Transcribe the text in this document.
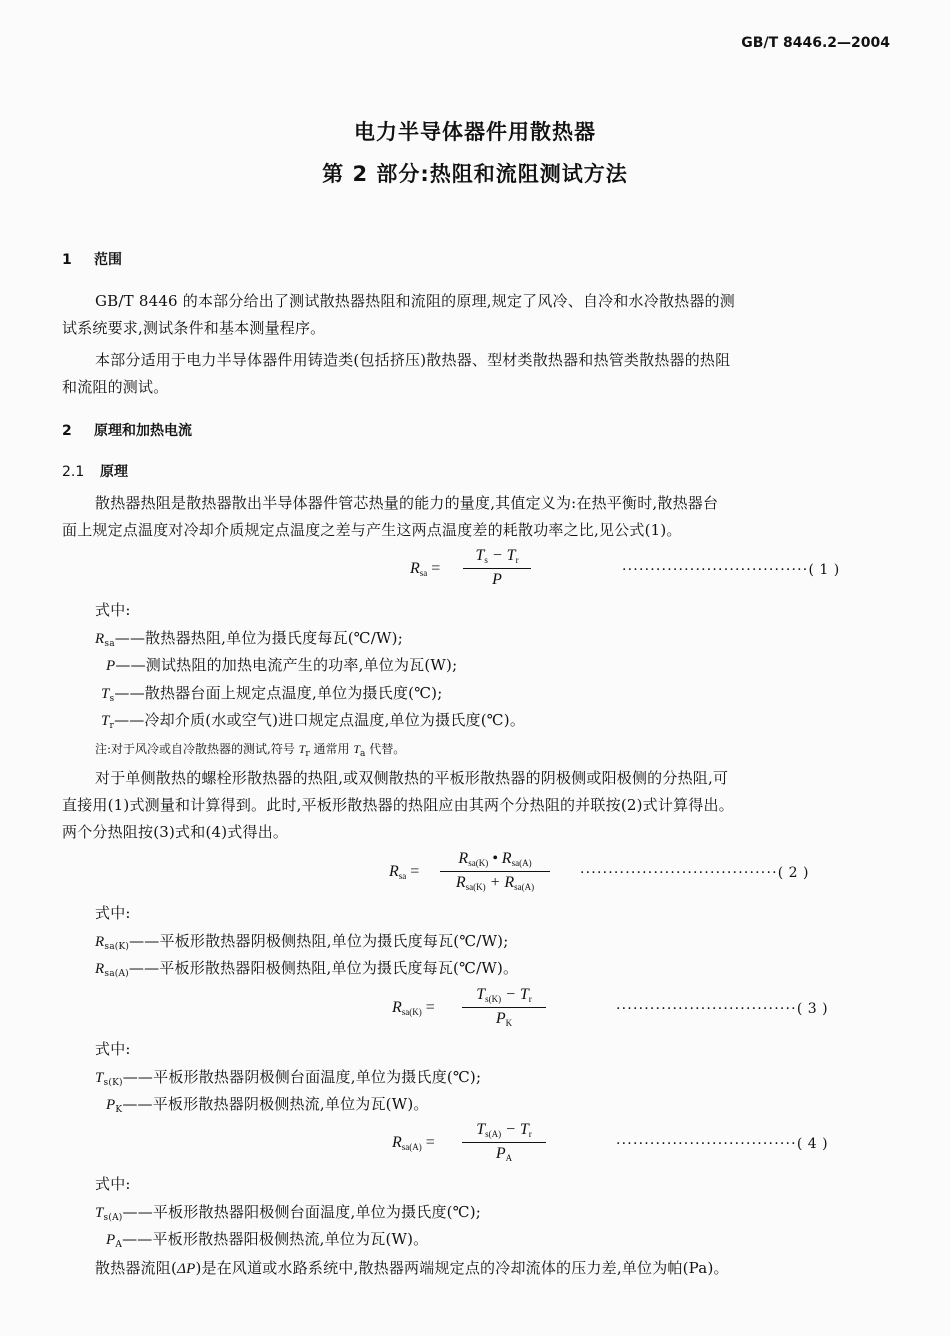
GB/T 8446.2—2004
电力半导体器件用散热器
第 2 部分:热阻和流阻测试方法
1 范围
GB/T 8446 的本部分给出了测试散热器热阻和流阻的原理,规定了风冷、自冷和水冷散热器的测
试系统要求,测试条件和基本测量程序。
本部分适用于电力半导体器件用铸造类(包括挤压)散热器、型材类散热器和热管类散热器的热阻
和流阻的测试。
2 原理和加热电流
2.1 原理
散热器热阻是散热器散出半导体器件管芯热量的能力的量度,其值定义为:在热平衡时,散热器台
面上规定点温度对冷却介质规定点温度之差与产生这两点温度差的耗散功率之比,见公式(1)。
$R_{sa}$ =
$T_s - T_r$
P
·································( 1 )
式中:
$R_{sa}——$散热器热阻,单位为摄氏度每瓦(℃/W);
P——测试热阻的加热电流产生的功率,单位为瓦(W);
$T_s——$散热器台面上规定点温度,单位为摄氏度(℃);
$T_r——$冷却介质(水或空气)进口规定点温度,单位为摄氏度(℃)。
注:对于风冷或自冷散热器的测试,符号 $T_r$ 通常用 $T_a$ 代替。
对于单侧散热的螺栓形散热器的热阻,或双侧散热的平板形散热器的阴极侧或阳极侧的分热阻,可
直接用(1)式测量和计算得到。此时,平板形散热器的热阻应由其两个分热阻的并联按(2)式计算得出。
两个分热阻按(3)式和(4)式得出。
$R_{sa}$ =
$R_{sa(K)}$ • $R_{sa(A)}$
$R_{sa(K)} + R_{sa(A)}$
···································( 2 )
式中:
$R_{sa(K)}——$平板形散热器阴极侧热阻,单位为摄氏度每瓦(℃/W);
$R_{sa(A)}——$平板形散热器阳极侧热阻,单位为摄氏度每瓦(℃/W)。
$R_{sa(K)}$ =
$T_{s(K)} - T_r$
$P_K$
································( 3 )
式中:
$T_{s(K)}——$平板形散热器阴极侧台面温度,单位为摄氏度(℃);
$P_K——$平板形散热器阴极侧热流,单位为瓦(W)。
$R_{sa(A)}$ =
$T_{s(A)} - T_r$
$P_A$
································( 4 )
式中:
$T_{s(A)}——$平板形散热器阳极侧台面温度,单位为摄氏度(℃);
$P_A——$平板形散热器阳极侧热流,单位为瓦(W)。
散热器流阻(ΔP)是在风道或水路系统中,散热器两端规定点的冷却流体的压力差,单位为帕(Pa)。
